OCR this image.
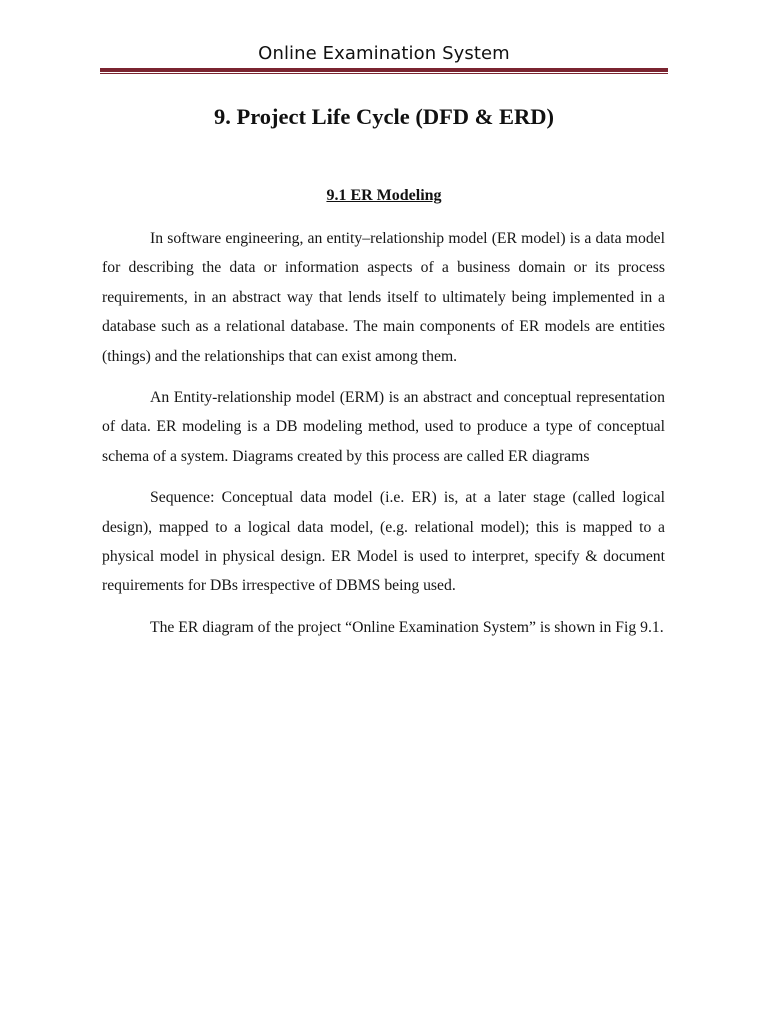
Online Examination System
9. Project Life Cycle (DFD & ERD)
9.1 ER Modeling

In software engineering, an entity–relationship model (ER model) is a data model for describing the data or information aspects of a business domain or its process requirements, in an abstract way that lends itself to ultimately being implemented in a database such as a relational database. The main components of ER models are entities (things) and the relationships that can exist among them.

An Entity-relationship model (ERM) is an abstract and conceptual representation of data. ER modeling is a DB modeling method, used to produce a type of conceptual schema of a system. Diagrams created by this process are called ER diagrams

Sequence: Conceptual data model (i.e. ER) is, at a later stage (called logical design), mapped to a logical data model, (e.g. relational model); this is mapped to a physical model in physical design. ER Model is used to interpret, specify & document requirements for DBs irrespective of DBMS being used.

The ER diagram of the project “Online Examination System” is shown in Fig 9.1.
